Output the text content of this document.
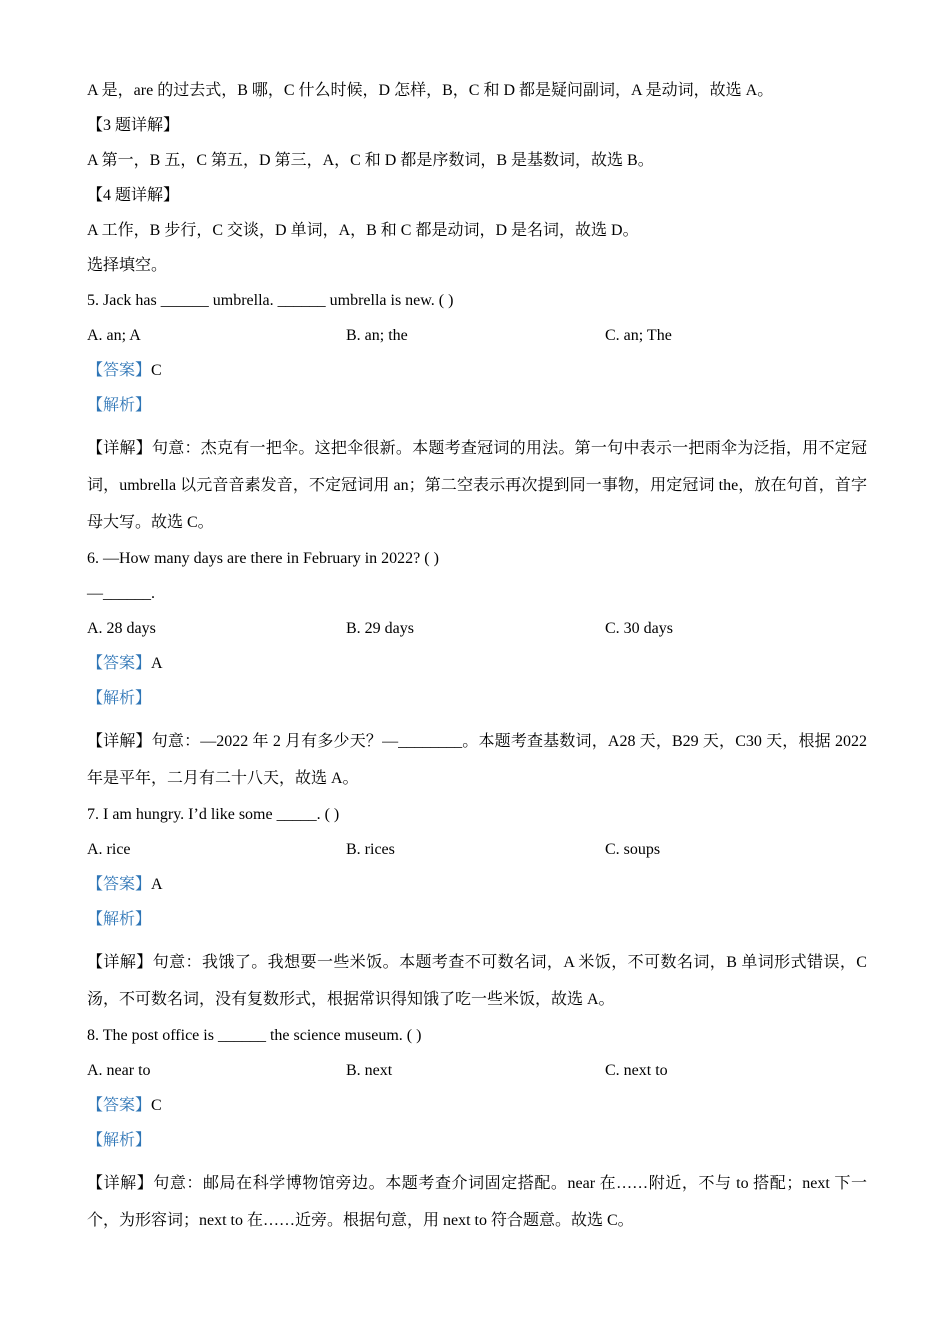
A 是，are 的过去式，B 哪，C 什么时候，D 怎样，B，C 和 D 都是疑问副词，A 是动词，故选 A。
【3 题详解】
A 第一，B 五，C 第五，D 第三，A，C 和 D 都是序数词，B 是基数词，故选 B。
【4 题详解】
A 工作，B 步行，C 交谈，D 单词，A，B 和 C 都是动词，D 是名词，故选 D。
选择填空。
5. Jack has ______ umbrella. ______ umbrella is new. ( )
A. an; A	B. an; the	C. an; The
【答案】C
【解析】
【详解】句意：杰克有一把伞。这把伞很新。本题考查冠词的用法。第一句中表示一把雨伞为泛指，用不定冠词，umbrella 以元音音素发音，不定冠词用 an；第二空表示再次提到同一事物，用定冠词 the，放在句首，首字母大写。故选 C。
6. —How many days are there in February in 2022? ( )
—______.
A. 28 days	B. 29 days	C. 30 days
【答案】A
【解析】
【详解】句意：—2022 年 2 月有多少天？—________。本题考查基数词，A28 天，B29 天，C30 天，根据 2022 年是平年，二月有二十八天，故选 A。
7. I am hungry. I’d like some _____. ( )
A. rice	B. rices	C. soups
【答案】A
【解析】
【详解】句意：我饿了。我想要一些米饭。本题考查不可数名词，A 米饭，不可数名词，B 单词形式错误，C 汤，不可数名词，没有复数形式，根据常识得知饿了吃一些米饭，故选 A。
8. The post office is ______ the science museum. ( )
A. near to	B. next	C. next to
【答案】C
【解析】
【详解】句意：邮局在科学博物馆旁边。本题考查介词固定搭配。near 在……附近，不与 to 搭配；next 下一个，为形容词；next to 在……近旁。根据句意，用 next to 符合题意。故选 C。
